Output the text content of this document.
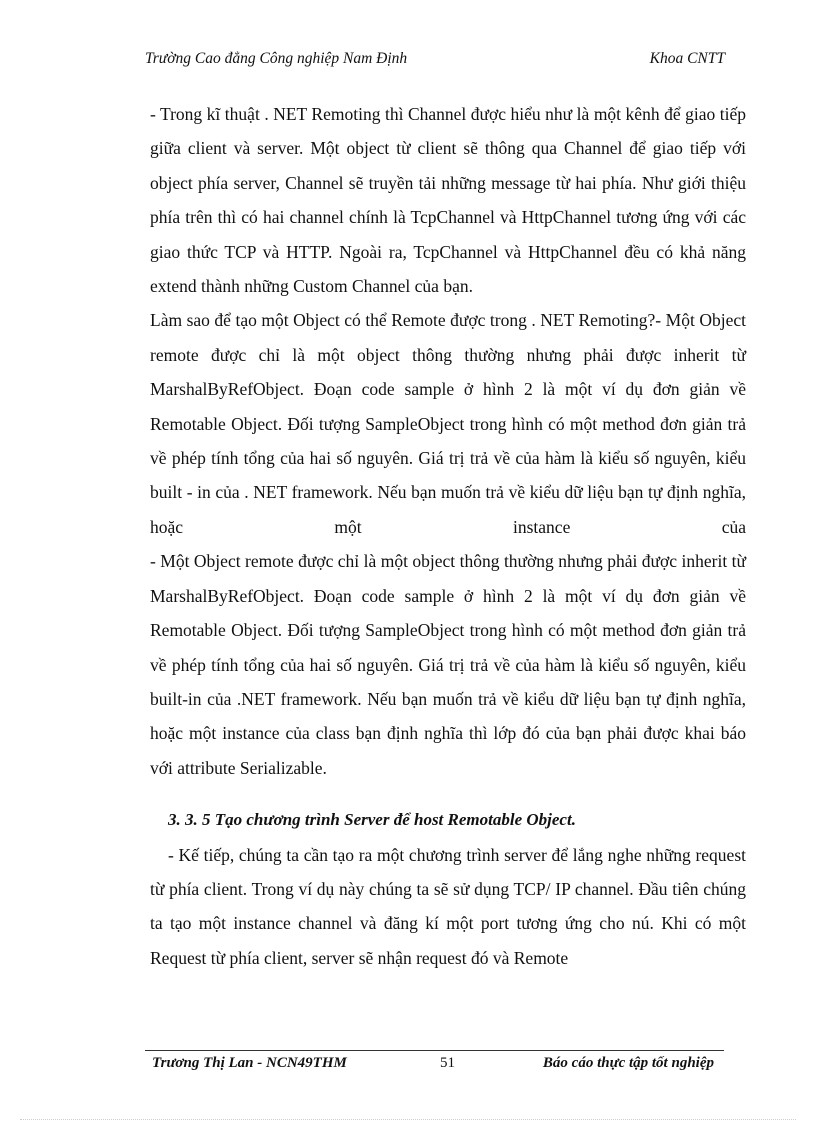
Trường Cao đẳng Công nghiệp Nam Định	Khoa CNTT

- Trong kĩ thuật . NET Remoting thì Channel được hiểu như là một kênh để giao tiếp giữa client và server. Một object từ client sẽ thông qua Channel để giao tiếp với object phía server, Channel sẽ truyền tải những message từ hai phía. Như giới thiệu phía trên thì có hai channel chính là TcpChannel và HttpChannel tương ứng với các giao thức TCP và HTTP. Ngoài ra, TcpChannel và HttpChannel đều có khả năng extend thành những Custom Channel của bạn.

Làm sao để tạo một Object có thể Remote được trong . NET Remoting?- Một Object remote được chỉ là một object thông thường nhưng phải được inherit từ MarshalByRefObject. Đoạn code sample ở hình 2 là một ví dụ đơn giản về Remotable Object. Đối tượng SampleObject trong hình có một method đơn giản trả về phép tính tổng của hai số nguyên. Giá trị trả về của hàm là kiểu số nguyên, kiểu built - in của . NET framework. Nếu bạn muốn trả về kiểu dữ liệu bạn tự định nghĩa, hoặc một instance của

- Một Object remote được chỉ là một object thông thường nhưng phải được inherit từ MarshalByRefObject. Đoạn code sample ở hình 2 là một ví dụ đơn giản về Remotable Object. Đối tượng SampleObject trong hình có một method đơn giản trả về phép tính tổng của hai số nguyên. Giá trị trả về của hàm là kiểu số nguyên, kiểu built-in của .NET framework. Nếu bạn muốn trả về kiểu dữ liệu bạn tự định nghĩa, hoặc một instance của class bạn định nghĩa thì lớp đó của bạn phải được khai báo với attribute Serializable.

3. 3. 5 Tạo chương trình Server để host Remotable Object.

- Kế tiếp, chúng ta cần tạo ra một chương trình server để lắng nghe những request từ phía client. Trong ví dụ này chúng ta sẽ sử dụng TCP/ IP channel. Đầu tiên chúng ta tạo một instance channel và đăng kí một port tương ứng cho nú. Khi có một Request từ phía client, server sẽ nhận request đó và Remote

Trương Thị Lan - NCN49THM	51	Báo cáo thực tập tốt nghiệp
